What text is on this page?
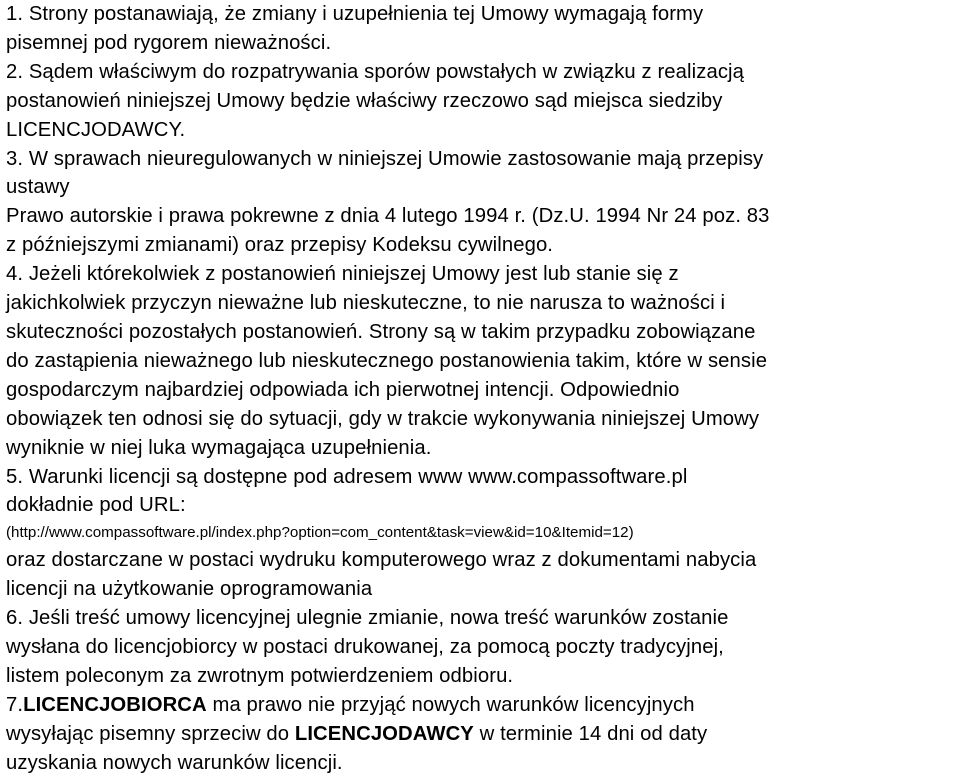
1. Strony postanawiają, że zmiany i uzupełnienia tej Umowy wymagają formy
pisemnej pod rygorem nieważności.
2. Sądem właściwym do rozpatrywania sporów powstałych w związku z realizacją
postanowień niniejszej Umowy będzie właściwy rzeczowo sąd miejsca siedziby
LICENCJODAWCY.
3. W sprawach nieuregulowanych w niniejszej Umowie zastosowanie mają przepisy
ustawy
Prawo autorskie i prawa pokrewne z dnia 4 lutego 1994 r. (Dz.U. 1994 Nr 24 poz. 83
z późniejszymi zmianami) oraz przepisy Kodeksu cywilnego.
4. Jeżeli którekolwiek z postanowień niniejszej Umowy jest lub stanie się z
jakichkolwiek przyczyn nieważne lub nieskuteczne, to nie narusza to ważności i
skuteczności pozostałych postanowień. Strony są w takim przypadku zobowiązane
do zastąpienia nieważnego lub nieskutecznego postanowienia takim, które w sensie
gospodarczym najbardziej odpowiada ich pierwotnej intencji. Odpowiednio
obowiązek ten odnosi się do sytuacji, gdy w trakcie wykonywania niniejszej Umowy
wyniknie w niej luka wymagająca uzupełnienia.
5. Warunki licencji są dostępne pod adresem www www.compassoftware.pl
dokładnie pod URL:
(http://www.compassoftware.pl/index.php?option=com_content&task=view&id=10&Itemid=12)
oraz dostarczane w postaci wydruku komputerowego wraz z dokumentami nabycia
licencji na użytkowanie oprogramowania
6. Jeśli treść umowy licencyjnej ulegnie zmianie, nowa treść warunków zostanie
wysłana do licencjobiorcy w postaci drukowanej, za pomocą poczty tradycyjnej,
listem poleconym za zwrotnym potwierdzeniem odbioru.
7.LICENCJOBIORCA ma prawo nie przyjąć nowych warunków licencyjnych
wysyłając pisemny sprzeciw do LICENCJODAWCY w terminie 14 dni od daty
uzyskania nowych warunków licencji.
